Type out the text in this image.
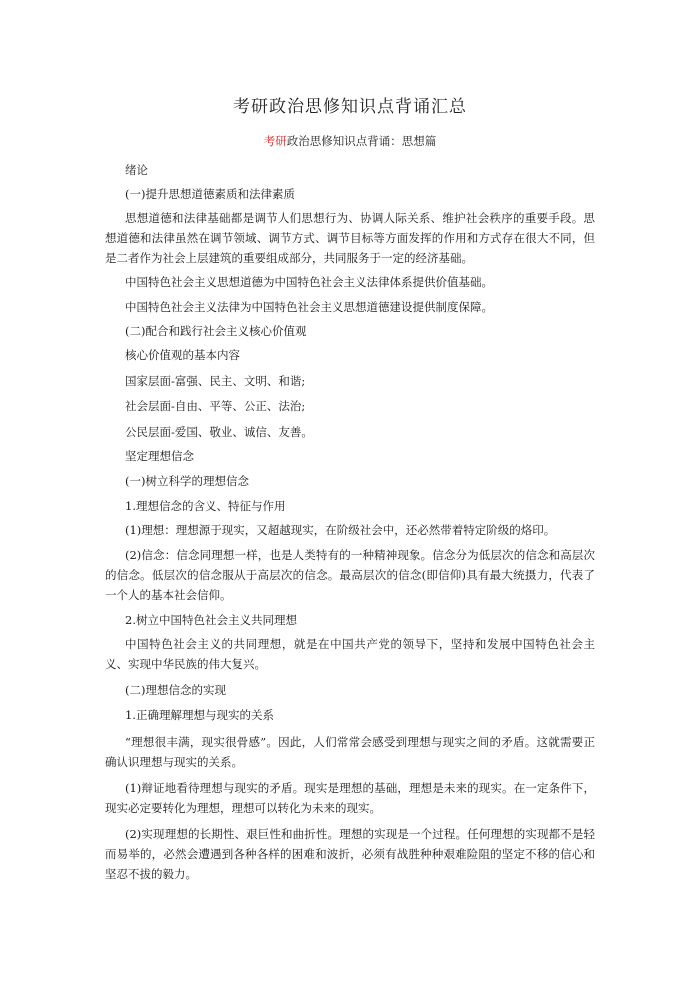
考研政治思修知识点背诵汇总
考研政治思修知识点背诵：思想篇

绪论

(一)提升思想道德素质和法律素质

思想道德和法律基础都是调节人们思想行为、协调人际关系、维护社会秩序的重要手段。思想道德和法律虽然在调节领域、调节方式、调节目标等方面发挥的作用和方式存在很大不同，但是二者作为社会上层建筑的重要组成部分，共同服务于一定的经济基础。

中国特色社会主义思想道德为中国特色社会主义法律体系提供价值基础。

中国特色社会主义法律为中国特色社会主义思想道德建设提供制度保障。

(二)配合和践行社会主义核心价值观

核心价值观的基本内容

国家层面-富强、民主、文明、和谐;

社会层面-自由、平等、公正、法治;

公民层面-爱国、敬业、诚信、友善。

坚定理想信念

(一)树立科学的理想信念

1.理想信念的含义、特征与作用

(1)理想：理想源于现实，又超越现实，在阶级社会中，还必然带着特定阶级的烙印。

(2)信念：信念同理想一样，也是人类特有的一种精神现象。信念分为低层次的信念和高层次的信念。低层次的信念服从于高层次的信念。最高层次的信念(即信仰)具有最大统摄力，代表了一个人的基本社会信仰。

2.树立中国特色社会主义共同理想

中国特色社会主义的共同理想，就是在中国共产党的领导下，坚持和发展中国特色社会主义、实现中华民族的伟大复兴。

(二)理想信念的实现

1.正确理解理想与现实的关系

“理想很丰满，现实很骨感”。因此，人们常常会感受到理想与现实之间的矛盾。这就需要正确认识理想与现实的关系。

(1)辩证地看待理想与现实的矛盾。现实是理想的基础，理想是未来的现实。在一定条件下，现实必定要转化为理想，理想可以转化为未来的现实。

(2)实现理想的长期性、艰巨性和曲折性。理想的实现是一个过程。任何理想的实现都不是轻而易举的，必然会遭遇到各种各样的困难和波折，必须有战胜种种艰难险阻的坚定不移的信心和坚忍不拔的毅力。
